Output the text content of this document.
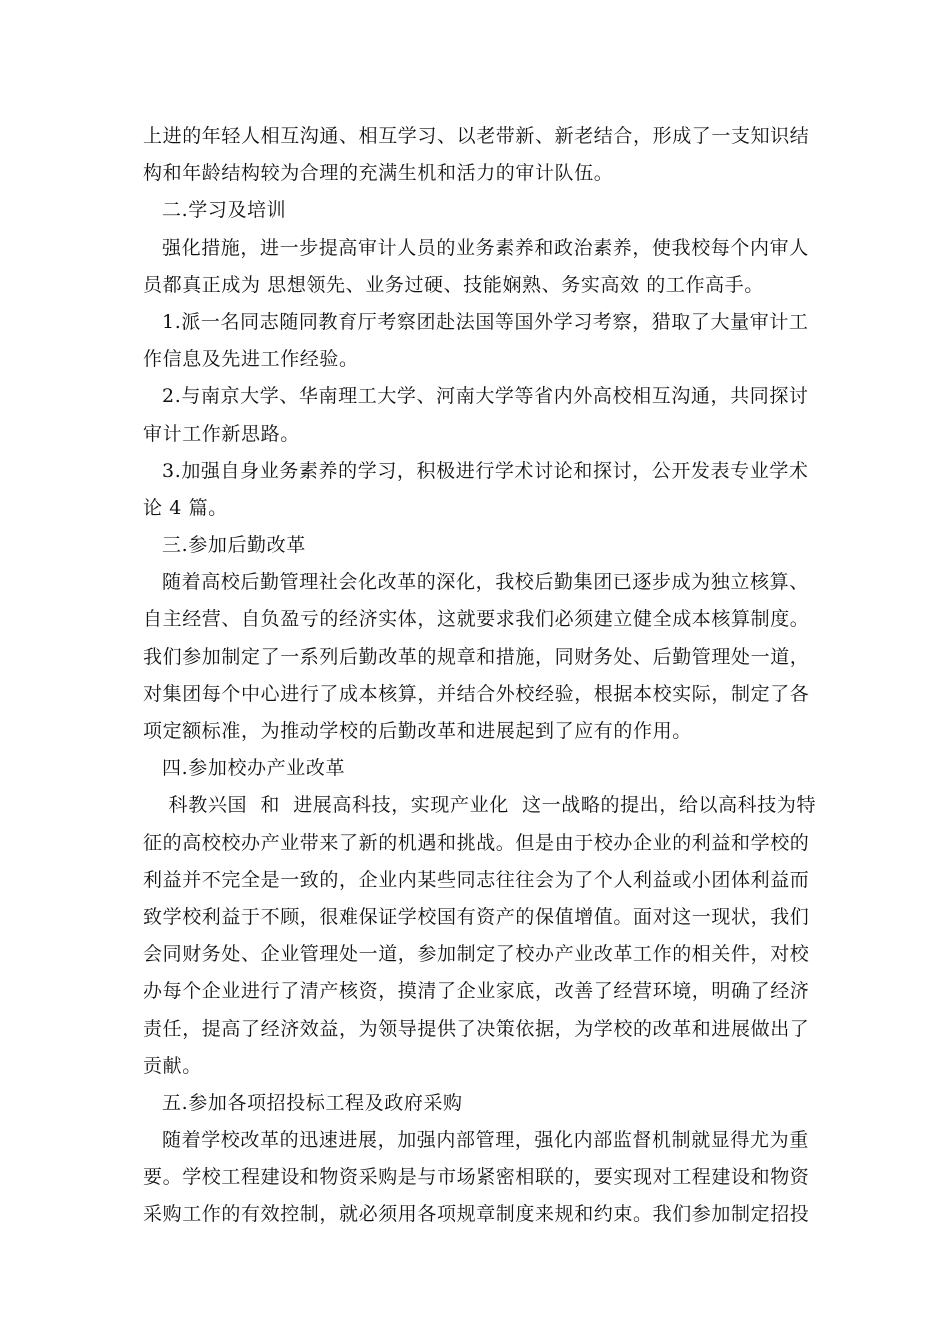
上进的年轻人相互沟通、相互学习、以老带新、新老结合，形成了一支知识结
构和年龄结构较为合理的充满生机和活力的审计队伍。
二.学习及培训
强化措施，进一步提高审计人员的业务素养和政治素养，使我校每个内审人
员都真正成为 思想领先、业务过硬、技能娴熟、务实高效 的工作高手。
1.派一名同志随同教育厅考察团赴法国等国外学习考察，猎取了大量审计工
作信息及先进工作经验。
2.与南京大学、华南理工大学、河南大学等省内外高校相互沟通，共同探讨
审计工作新思路。
3.加强自身业务素养的学习，积极进行学术讨论和探讨，公开发表专业学术
论 4 篇。
三.参加后勤改革
随着高校后勤管理社会化改革的深化，我校后勤集团已逐步成为独立核算、
自主经营、自负盈亏的经济实体，这就要求我们必须建立健全成本核算制度。
我们参加制定了一系列后勤改革的规章和措施，同财务处、后勤管理处一道，
对集团每个中心进行了成本核算，并结合外校经验，根据本校实际，制定了各
项定额标准，为推动学校的后勤改革和进展起到了应有的作用。
四.参加校办产业改革
科教兴国  和  进展高科技，实现产业化  这一战略的提出，给以高科技为特
征的高校校办产业带来了新的机遇和挑战。但是由于校办企业的利益和学校的
利益并不完全是一致的，企业内某些同志往往会为了个人利益或小团体利益而
致学校利益于不顾，很难保证学校国有资产的保值增值。面对这一现状，我们
会同财务处、企业管理处一道，参加制定了校办产业改革工作的相关件，对校
办每个企业进行了清产核资，摸清了企业家底，改善了经营环境，明确了经济
责任，提高了经济效益，为领导提供了决策依据，为学校的改革和进展做出了
贡献。
五.参加各项招投标工程及政府采购
随着学校改革的迅速进展，加强内部管理，强化内部监督机制就显得尤为重
要。学校工程建设和物资采购是与市场紧密相联的，要实现对工程建设和物资
采购工作的有效控制，就必须用各项规章制度来规和约束。我们参加制定招投
